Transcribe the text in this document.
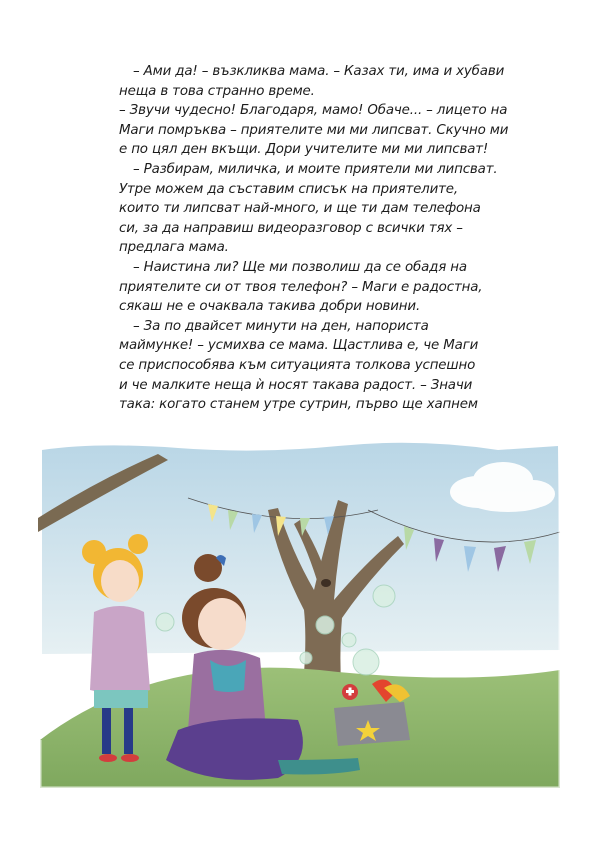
– Ами да! – възкликва мама. – Казах ти, има и хубави
неща в това странно време.
– Звучи чудесно! Благодаря, мамо! Обаче... – лицето на
Маги помръква – приятелите ми ми липсват. Скучно ми
е по цял ден вкъщи. Дори учителите ми ми липсват!
– Разбирам, миличка, и моите приятели ми липсват.
Утре можем да съставим списък на приятелите,
които ти липсват най-много, и ще ти дам телефона
си, за да направиш видеоразговор с всички тях –
предлага мама.
– Наистина ли? Ще ми позволиш да се обадя на
приятелите си от твоя телефон? – Маги е радостна,
сякаш не е очаквала такива добри новини.
– За по двайсет минути на ден, напориста
маймунке! – усмихва се мама. Щастлива е, че Маги
се приспособява към ситуацията толкова успешно
и че малките неща ѝ носят такава радост. – Значи
така: когато станем утре сутрин, първо ще хапнем
